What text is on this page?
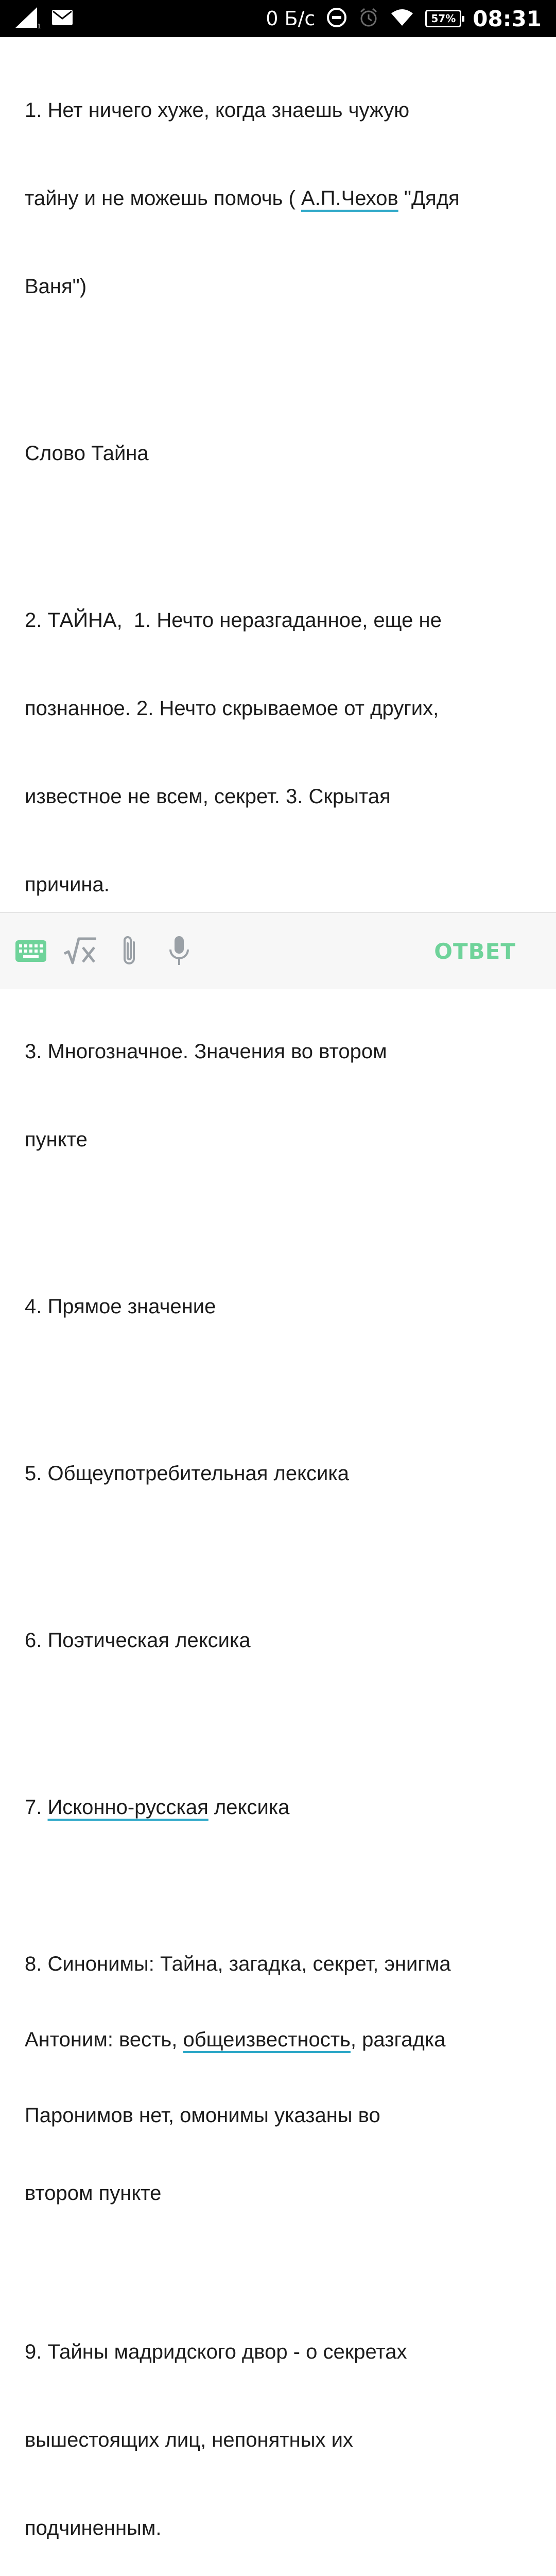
1	0 Б/с	57% 08:31

1. Нет ничего хуже, когда знаешь чужую

тайну и не можешь помочь ( А.П.Чехов "Дядя

Ваня")

Слово Тайна

2. ТАЙНА,  1. Нечто неразгаданное, еще не

познанное. 2. Нечто скрываемое от других,

известное не всем, секрет. 3. Скрытая

причина.

3. Многозначное. Значения во втором

пункте

4. Прямое значение

5. Общеупотребительная лексика

6. Поэтическая лексика

7. Исконно-русская лексика

8. Синонимы: Тайна, загадка, секрет, энигма

Антоним: весть, общеизвестность, разгадка

Паронимов нет, омонимы указаны во

втором пункте

9. Тайны мадридского двор - о секретах

вышестоящих лиц, непонятных их

подчиненным.

ОТВЕТ
